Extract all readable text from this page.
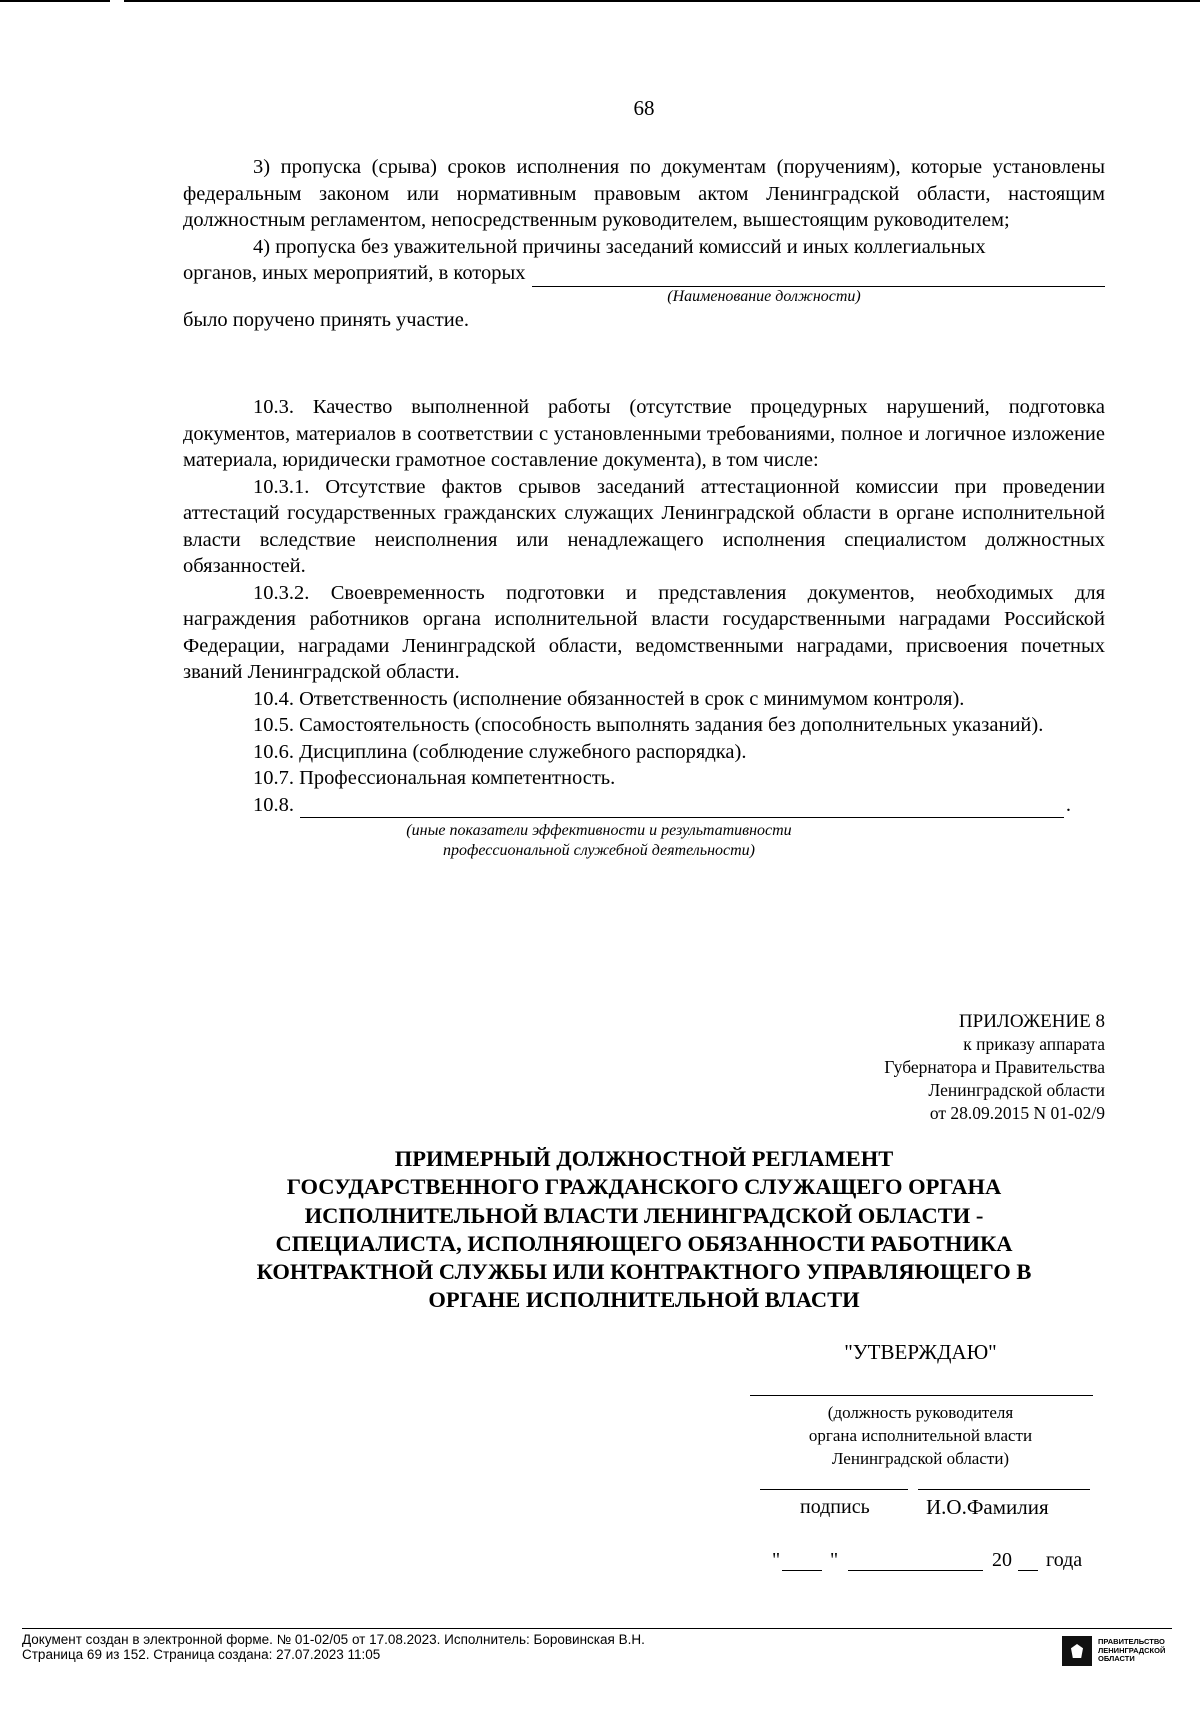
68
3) пропуска (срыва) сроков исполнения по документам (поручениям), которые установлены федеральным законом или нормативным правовым актом Ленинградской области, настоящим должностным регламентом, непосредственным руководителем, вышестоящим руководителем;
4) пропуска без уважительной причины заседаний комиссий и иных коллегиальных
органов, иных мероприятий, в которых
(Наименование должности)
было поручено принять участие.
10.3. Качество выполненной работы (отсутствие процедурных нарушений, подготовка документов, материалов в соответствии с установленными требованиями, полное и логичное изложение материала, юридически грамотное составление документа), в том числе:
10.3.1. Отсутствие фактов срывов заседаний аттестационной комиссии при проведении аттестаций государственных гражданских служащих Ленинградской области в органе исполнительной власти вследствие неисполнения или ненадлежащего исполнения специалистом должностных обязанностей.
10.3.2. Своевременность подготовки и представления документов, необходимых для награждения работников органа исполнительной власти государственными наградами Российской Федерации, наградами Ленинградской области, ведомственными наградами, присвоения почетных званий Ленинградской области.
10.4. Ответственность (исполнение обязанностей в срок с минимумом контроля).
10.5. Самостоятельность (способность выполнять задания без дополнительных указаний).
10.6. Дисциплина (соблюдение служебного распорядка).
10.7. Профессиональная компетентность.
10.8.	.
(иные показатели эффективности и результативности
профессиональной служебной деятельности)
ПРИЛОЖЕНИЕ 8
к приказу аппарата
Губернатора и Правительства
Ленинградской области
от 28.09.2015 N 01-02/9
ПРИМЕРНЫЙ ДОЛЖНОСТНОЙ РЕГЛАМЕНТ
ГОСУДАРСТВЕННОГО ГРАЖДАНСКОГО СЛУЖАЩЕГО ОРГАНА
ИСПОЛНИТЕЛЬНОЙ ВЛАСТИ ЛЕНИНГРАДСКОЙ ОБЛАСТИ -
СПЕЦИАЛИСТА, ИСПОЛНЯЮЩЕГО ОБЯЗАННОСТИ РАБОТНИКА
КОНТРАКТНОЙ СЛУЖБЫ ИЛИ КОНТРАКТНОГО УПРАВЛЯЮЩЕГО В
ОРГАНЕ ИСПОЛНИТЕЛЬНОЙ ВЛАСТИ
"УТВЕРЖДАЮ"
(должность руководителя
органа исполнительной власти
Ленинградской области)
подпись	И.О.Фамилия
" "	20 года
Документ создан в электронной форме. № 01-02/05 от 17.08.2023. Исполнитель: Боровинская В.Н.
Страница 69 из 152. Страница создана: 27.07.2023 11:05
ПРАВИТЕЛЬСТВО
ЛЕНИНГРАДСКОЙ
ОБЛАСТИ
